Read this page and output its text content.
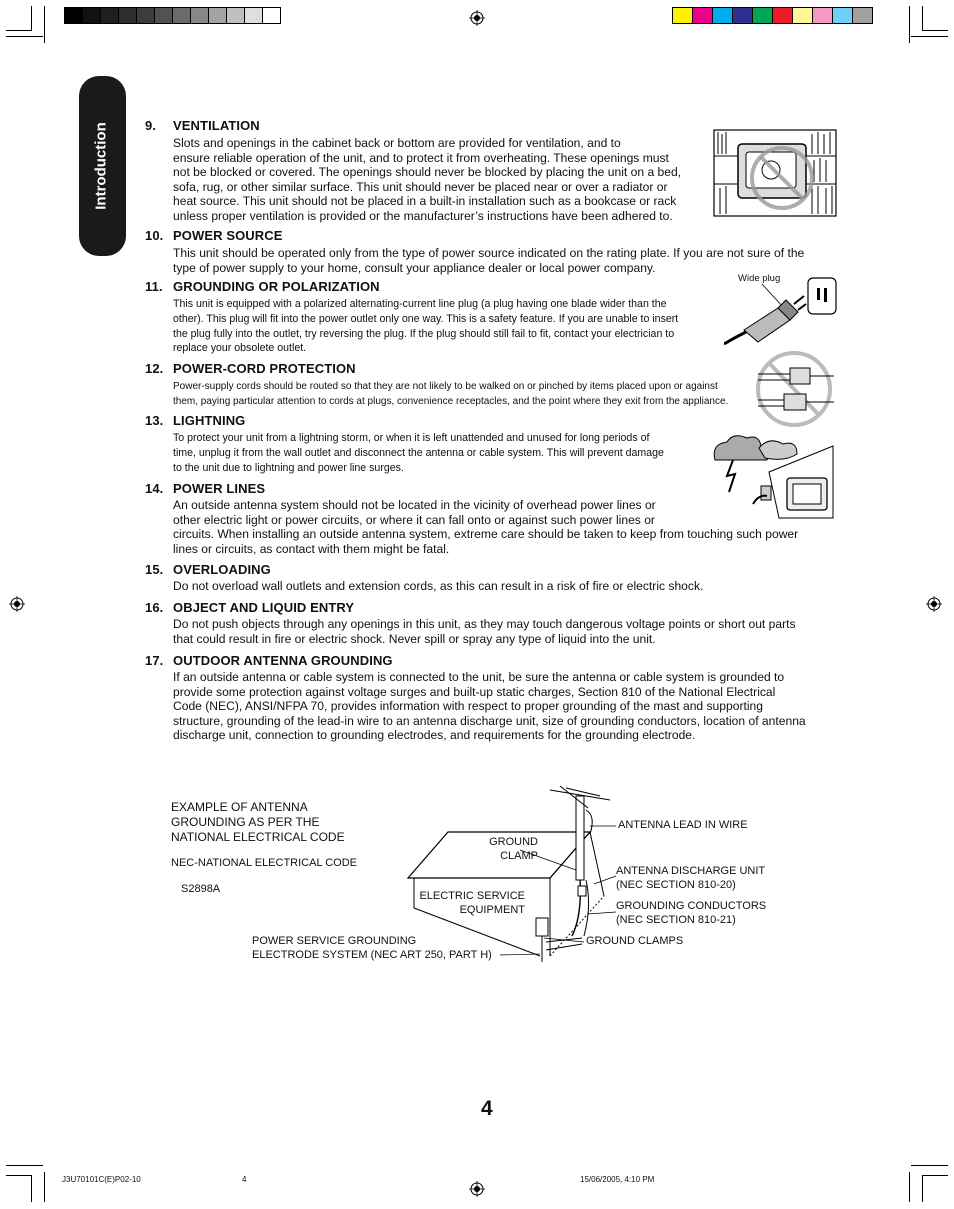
Introduction	9. VENTILATION
10. POWER SOURCE
11. GROUNDING OR POLARIZATION
12. POWER-CORD PROTECTION
13. LIGHTNING
14. POWER LINES
15. OVERLOADING
16. OBJECT AND LIQUID ENTRY
17. OUTDOOR ANTENNA GROUNDING
Slots and openings in the cabinet back or bottom are provided for ventilation, and to
ensure reliable operation of the unit, and to protect it from overheating. These openings must
not be blocked or covered. The openings should never be blocked by placing the unit on a bed,
sofa, rug, or other similar surface. This unit should never be placed near or over a radiator or
heat source. This unit should not be placed in a built-in installation such as a bookcase or rack
unless proper ventilation is provided or the manufacturer’s instructions have been adhered to.
This unit should be operated only from the type of power source indicated on the rating plate. If you are not sure of the
type of power supply to your home, consult your appliance dealer or local power company.
This unit is equipped with a polarized alternating-current line plug (a plug having one blade wider than the
other). This plug will fit into the power outlet only one way. This is a safety feature. If you are unable to insert
the plug fully into the outlet, try reversing the plug. If the plug should still fail to fit, contact your electrician to
replace your obsolete outlet.
Power-supply cords should be routed so that they are not likely to be walked on or pinched by items placed upon or against
them, paying particular attention to cords at plugs, convenience receptacles, and the point where they exit from the appliance.
To protect your unit from a lightning storm, or when it is left unattended and unused for long periods of
time, unplug it from the wall outlet and disconnect the antenna or cable system. This will prevent damage
to the unit due to lightning and power line surges.
An outside antenna system should not be located in the vicinity of overhead power lines or
other electric light or power circuits, or where it can fall onto or against such power lines or
circuits. When installing an outside antenna system, extreme care should be taken to keep from touching such power
lines or circuits, as contact with them might be fatal.
Do not overload wall outlets and extension cords, as this can result in a risk of fire or electric shock.
Do not push objects through any openings in this unit, as they may touch dangerous voltage points or short out parts
that could result in fire or electric shock. Never spill or spray any type of liquid into the unit.
If an outside antenna or cable system is connected to the unit, be sure the antenna or cable system is grounded to
provide some protection against voltage surges and built-up static charges, Section 810 of the National Electrical
Code (NEC), ANSI/NFPA 70, provides information with respect to proper grounding of the mast and supporting
structure, grounding of the lead-in wire to an antenna discharge unit, size of grounding conductors, location of antenna
discharge unit, connection to grounding electrodes, and requirements for the grounding electrode.
Wide plug
EXAMPLE OF ANTENNA
GROUNDING AS PER THE
NATIONAL ELECTRICAL CODE
NEC-NATIONAL ELECTRICAL CODE
S2898A
GROUND
CLAMP
ANTENNA LEAD IN WIRE
ANTENNA DISCHARGE UNIT
(NEC SECTION 810-20)
ELECTRIC SERVICE
EQUIPMENT	GROUNDING CONDUCTORS
(NEC SECTION 810-21)
GROUND CLAMPS
POWER SERVICE GROUNDING
ELECTRODE SYSTEM (NEC ART 250, PART H)
4
J3U70101C(E)P02-10	4	15/06/2005, 4:10 PM
